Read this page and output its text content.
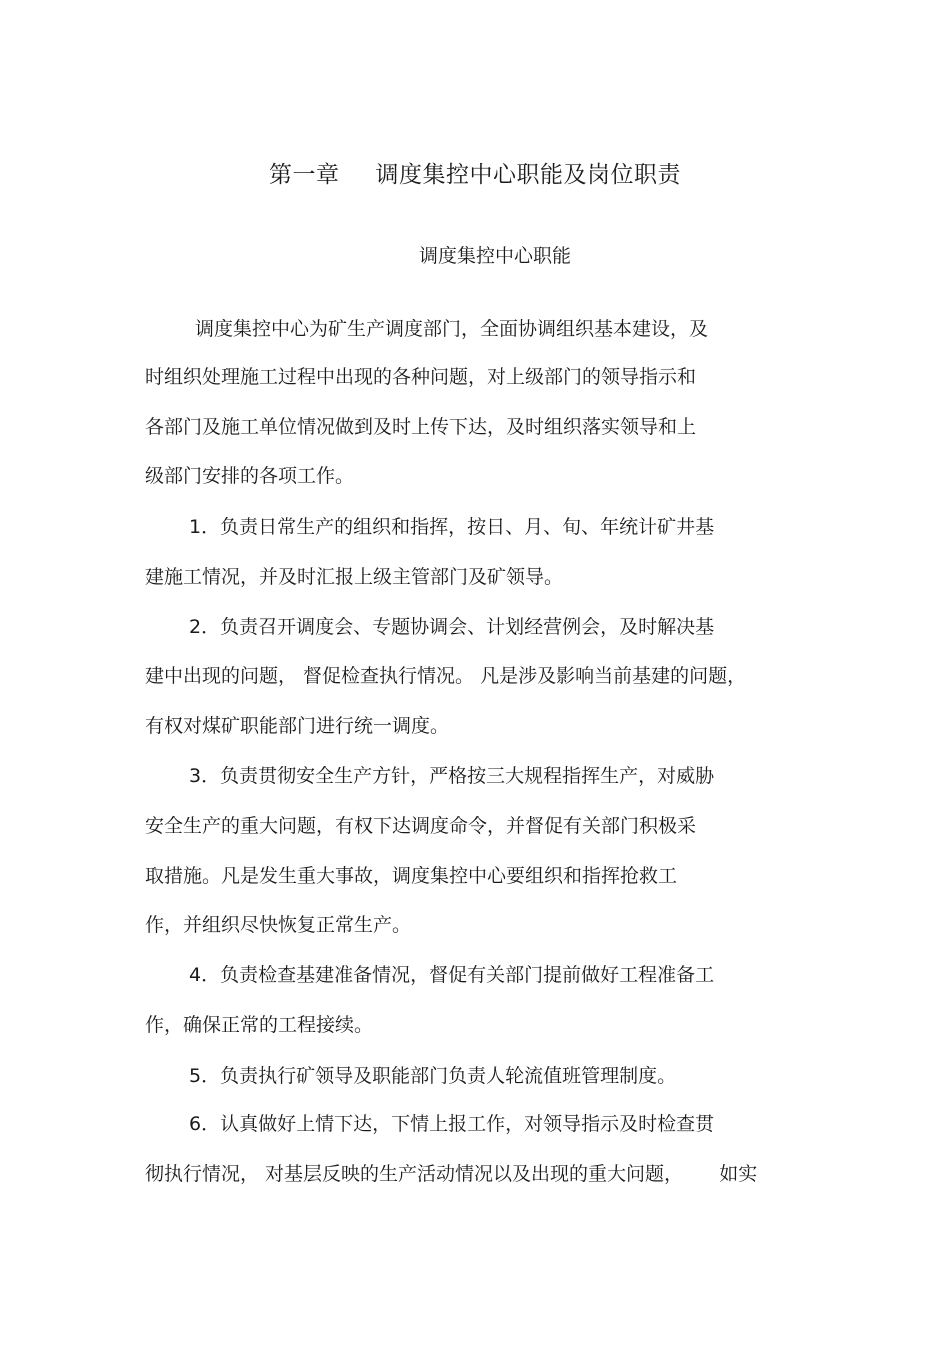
第一章 调度集控中心职能及岗位职责
调度集控中心职能
调度集控中心为矿生产调度部门，全面协调组织基本建设，及
时组织处理施工过程中出现的各种问题，对上级部门的领导指示和
各部门及施工单位情况做到及时上传下达，及时组织落实领导和上
级部门安排的各项工作。
1．负责日常生产的组织和指挥，按日、月、旬、年统计矿井基
建施工情况，并及时汇报上级主管部门及矿领导。
2．负责召开调度会、专题协调会、计划经营例会，及时解决基
建中出现的问题， 督促检查执行情况。 凡是涉及影响当前基建的问题，
有权对煤矿职能部门进行统一调度。
3．负责贯彻安全生产方针，严格按三大规程指挥生产，对威胁
安全生产的重大问题，有权下达调度命令，并督促有关部门积极采
取措施。凡是发生重大事故，调度集控中心要组织和指挥抢救工
作，并组织尽快恢复正常生产。
4．负责检查基建准备情况，督促有关部门提前做好工程准备工
作，确保正常的工程接续。
5．负责执行矿领导及职能部门负责人轮流值班管理制度。
6．认真做好上情下达，下情上报工作，对领导指示及时检查贯
彻执行情况， 对基层反映的生产活动情况以及出现的重大问题，      如实
